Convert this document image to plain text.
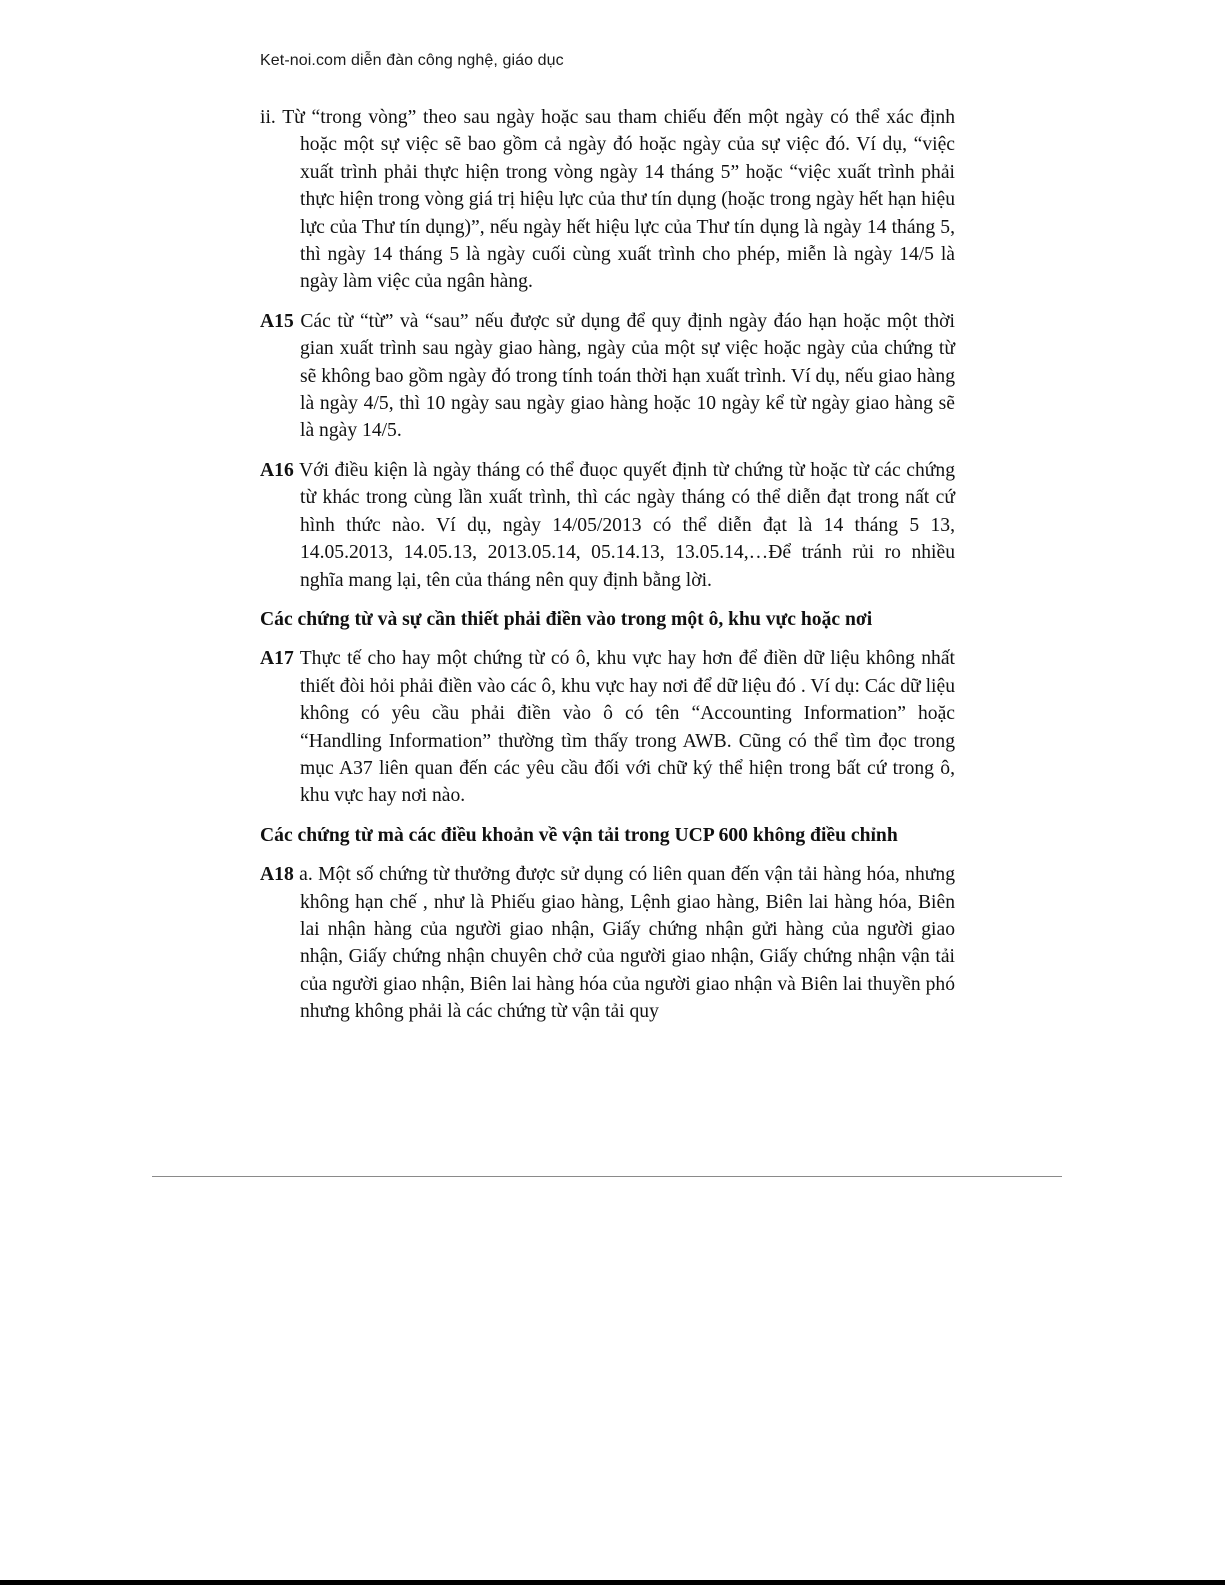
Ket-noi.com diễn đàn công nghệ, giáo dục

ii. Từ “trong vòng” theo sau ngày hoặc sau tham chiếu đến một ngày có thể xác định hoặc một sự việc sẽ bao gồm cả ngày đó hoặc ngày của sự việc đó. Ví dụ, “việc xuất trình phải thực hiện trong vòng ngày 14 tháng 5” hoặc “việc xuất trình phải thực hiện trong vòng giá trị hiệu lực của thư tín dụng (hoặc trong ngày hết hạn hiệu lực của Thư tín dụng)”, nếu ngày hết hiệu lực của Thư tín dụng là ngày 14 tháng 5, thì ngày 14 tháng 5 là ngày cuối cùng xuất trình cho phép, miễn là ngày 14/5 là ngày làm việc của ngân hàng.

A15 Các từ “từ” và “sau” nếu được sử dụng để quy định ngày đáo hạn hoặc một thời gian xuất trình sau ngày giao hàng, ngày của một sự việc hoặc ngày của chứng từ sẽ không bao gồm ngày đó trong tính toán thời hạn xuất trình. Ví dụ, nếu giao hàng là ngày 4/5, thì 10 ngày sau ngày giao hàng hoặc 10 ngày kể từ ngày giao hàng sẽ là ngày 14/5.

A16 Với điều kiện là ngày tháng có thể đuọc quyết định từ chứng từ hoặc từ các chứng từ khác trong cùng lần xuất trình, thì các ngày tháng có thể diễn đạt trong nất cứ hình thức nào. Ví dụ, ngày 14/05/2013 có thể diễn đạt là 14 tháng 5 13, 14.05.2013, 14.05.13, 2013.05.14, 05.14.13, 13.05.14,…Để tránh rủi ro nhiều nghĩa mang lại, tên của tháng nên quy định bằng lời.

Các chứng từ và sự cần thiết phải điền vào trong một ô, khu vực hoặc nơi

A17 Thực tế cho hay một chứng từ có ô, khu vực hay hơn để điền dữ liệu không nhất thiết đòi hỏi phải điền vào các ô, khu vực hay nơi để dữ liệu đó . Ví dụ: Các dữ liệu không có yêu cầu phải điền vào ô có tên “Accounting Information” hoặc “Handling Information” thường tìm thấy trong AWB. Cũng có thể tìm đọc trong mục A37 liên quan đến các yêu cầu đối với chữ ký thể hiện trong bất cứ trong ô, khu vực hay nơi nào.

Các chứng từ mà các điều khoản về vận tải trong UCP 600 không điều chỉnh

A18 a. Một số chứng từ thưởng được sử dụng có liên quan đến vận tải hàng hóa, nhưng không hạn chế , như là Phiếu giao hàng, Lệnh giao hàng, Biên lai hàng hóa, Biên lai nhận hàng của người giao nhận, Giấy chứng nhận gửi hàng của người giao nhận, Giấy chứng nhận chuyên chở của người giao nhận, Giấy chứng nhận vận tải của người giao nhận, Biên lai hàng hóa của người giao nhận và Biên lai thuyền phó nhưng không phải là các chứng từ vận tải quy
